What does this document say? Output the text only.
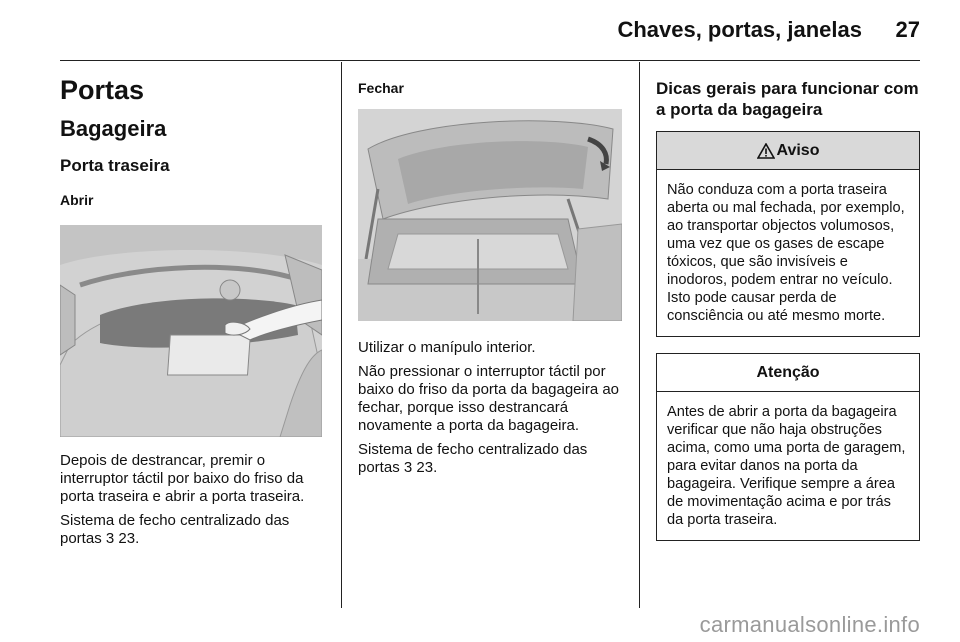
Chaves, portas, janelas 27
Portas
Bagageira
Porta traseira
Abrir

Depois de destrancar, premir o interruptor táctil por baixo do friso da porta traseira e abrir a porta traseira.

Sistema de fecho centralizado das portas 3 23.

Fechar

Utilizar o manípulo interior.

Não pressionar o interruptor táctil por baixo do friso da porta da bagageira ao fechar, porque isso destrancará novamente a porta da bagageira.

Sistema de fecho centralizado das portas 3 23.

Dicas gerais para funcionar com a porta da bagageira
Aviso
Não conduza com a porta traseira aberta ou mal fechada, por exemplo, ao transportar objectos volumosos, uma vez que os gases de escape tóxicos, que são invisíveis e inodoros, podem entrar no veículo. Isto pode causar perda de consciência ou até mesmo morte.
Atenção
Antes de abrir a porta da bagageira verificar que não haja obstruções acima, como uma porta de garagem, para evitar danos na porta da bagageira. Verifique sempre a área de movimentação acima e por trás da porta traseira.
carmanualsonline.info
